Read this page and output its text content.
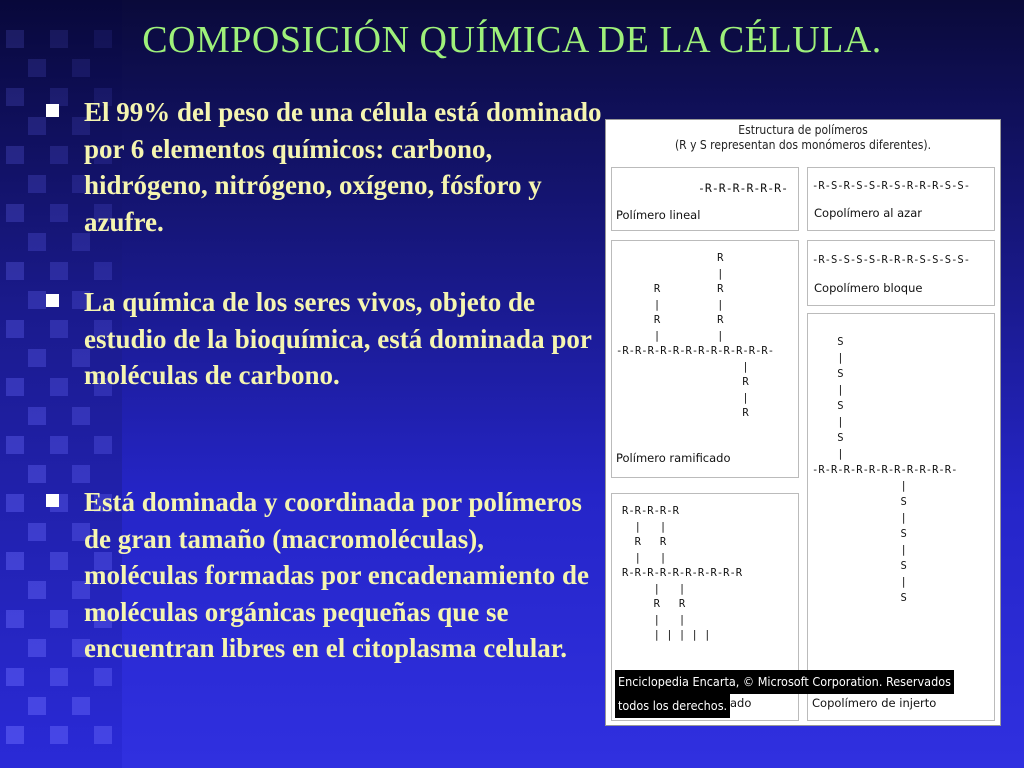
COMPOSICIÓN QUÍMICA DE LA CÉLULA.
El 99% del peso de una célula está dominado por 6 elementos químicos: carbono, hidrógeno, nitrógeno, oxígeno, fósforo y azufre.
La química de los seres vivos, objeto de estudio de la bioquímica, está dominada por moléculas de carbono.
Está dominada y coordinada por polímeros de gran tamaño (macromoléculas), moléculas formadas por encadenamiento de moléculas orgánicas pequeñas que se encuentran libres en el citoplasma celular.
Estructura de polímeros
(R y S representan dos monómeros diferentes).
-R-R-R-R-R-R-
Polímero lineal
-R-S-R-S-S-R-S-R-R-R-S-S-
Copolímero al azar
R
|
R         R
|         |
R         R
|         |
-R-R-R-R-R-R-R-R-R-R-R-R-
|
R
|
R
Polímero ramificado
-R-S-S-S-S-R-R-R-S-S-S-S-
Copolímero bloque
S
|
S
|
S
|
S
|
-R-R-R-R-R-R-R-R-R-R-R-
|
S
|
S
|
S
|
S
Copolímero de injerto
R-R-R-R-R
|   |
R   R
|   |
R-R-R-R-R-R-R-R-R-R
|   |
R   R
|   |
| | | | |
ado
Enciclopedia Encarta, © Microsoft Corporation. Reservados
todos los derechos.
